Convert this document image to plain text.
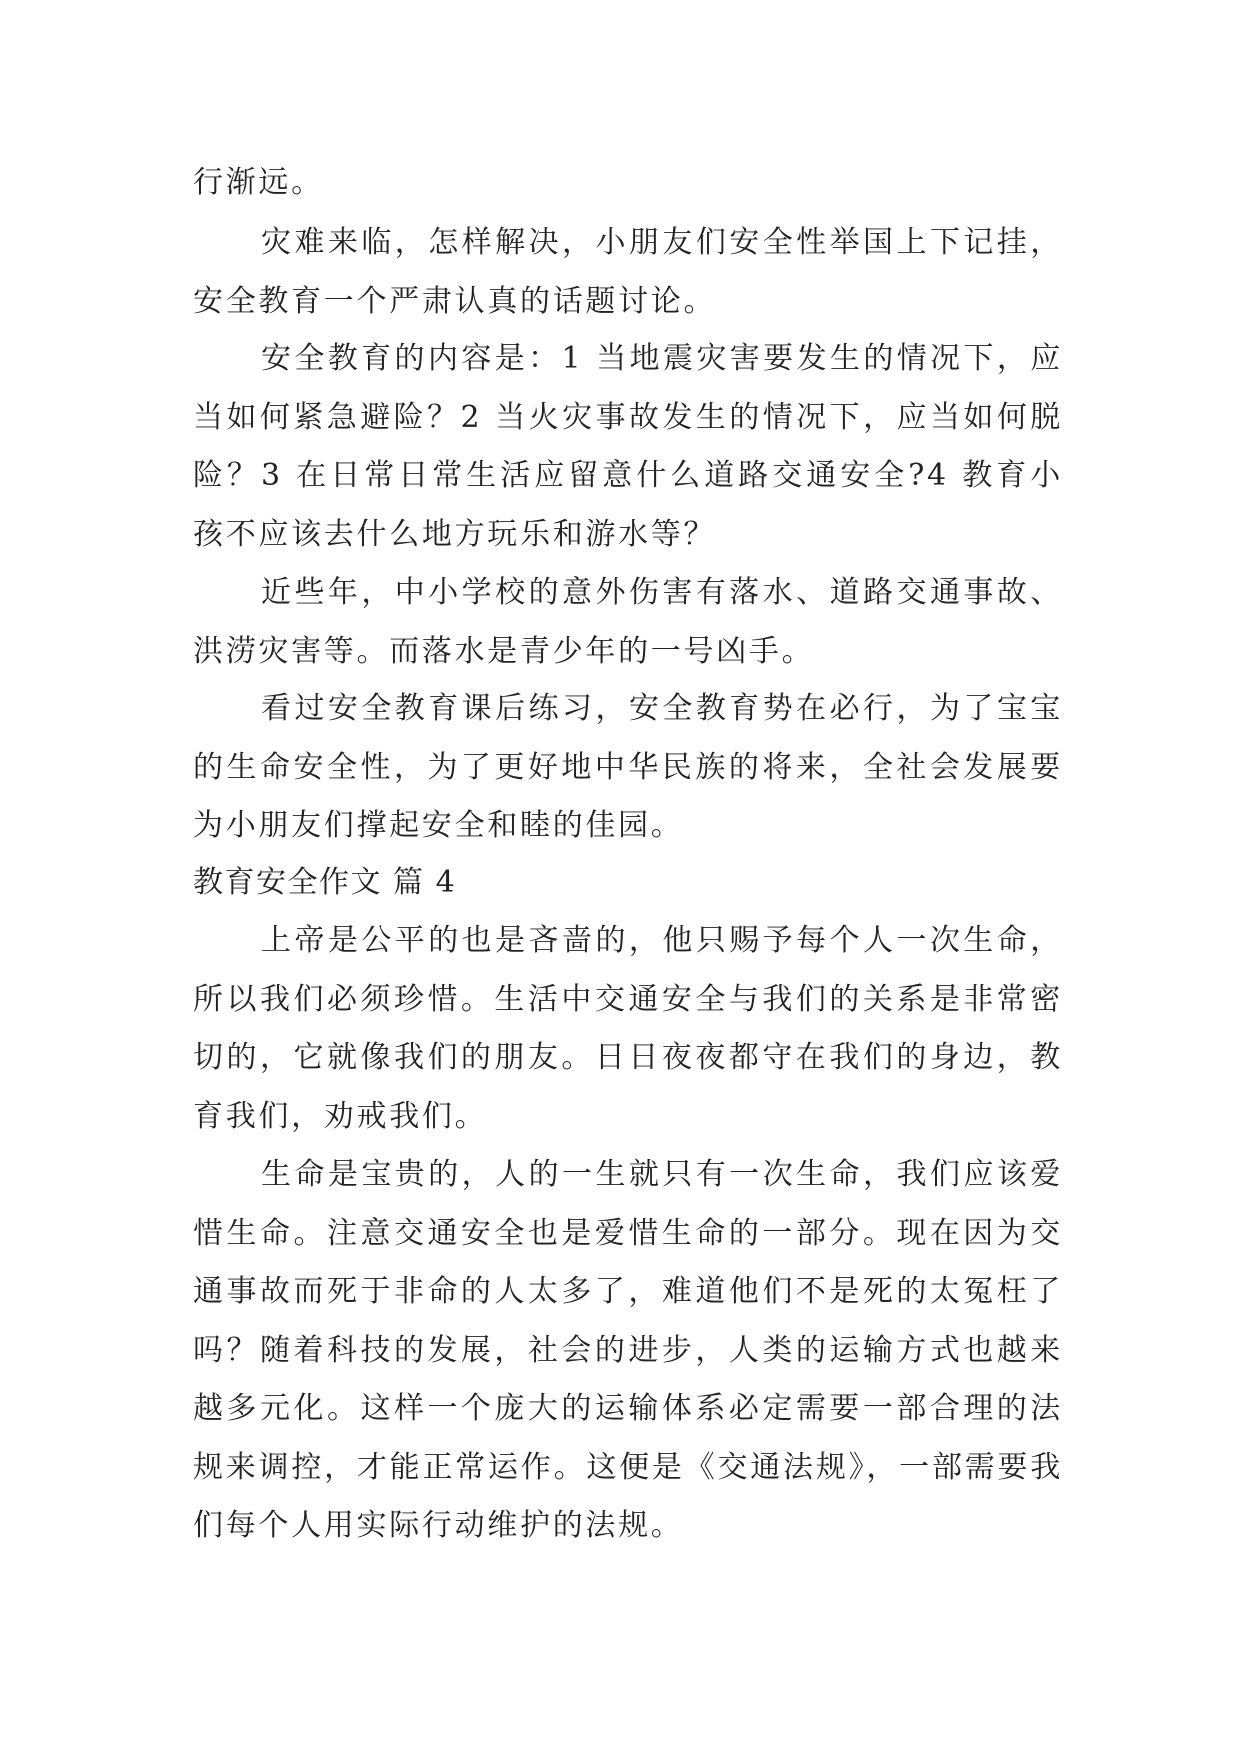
行渐远。

灾难来临，怎样解决，小朋友们安全性举国上下记挂，安全教育一个严肃认真的话题讨论。

安全教育的内容是：1 当地震灾害要发生的情况下，应当如何紧急避险？2 当火灾事故发生的情况下，应当如何脱险？3 在日常日常生活应留意什么道路交通安全?4 教育小孩不应该去什么地方玩乐和游水等？

近些年，中小学校的意外伤害有落水、道路交通事故、洪涝灾害等。而落水是青少年的一号凶手。

看过安全教育课后练习，安全教育势在必行，为了宝宝的生命安全性，为了更好地中华民族的将来，全社会发展要为小朋友们撑起安全和睦的佳园。

教育安全作文 篇 4

上帝是公平的也是吝啬的，他只赐予每个人一次生命，所以我们必须珍惜。生活中交通安全与我们的关系是非常密切的，它就像我们的朋友。日日夜夜都守在我们的身边，教育我们，劝戒我们。

生命是宝贵的，人的一生就只有一次生命，我们应该爱惜生命。注意交通安全也是爱惜生命的一部分。现在因为交通事故而死于非命的人太多了，难道他们不是死的太冤枉了吗？随着科技的发展，社会的进步，人类的运输方式也越来越多元化。这样一个庞大的运输体系必定需要一部合理的法规来调控，才能正常运作。这便是《交通法规》，一部需要我们每个人用实际行动维护的法规。
